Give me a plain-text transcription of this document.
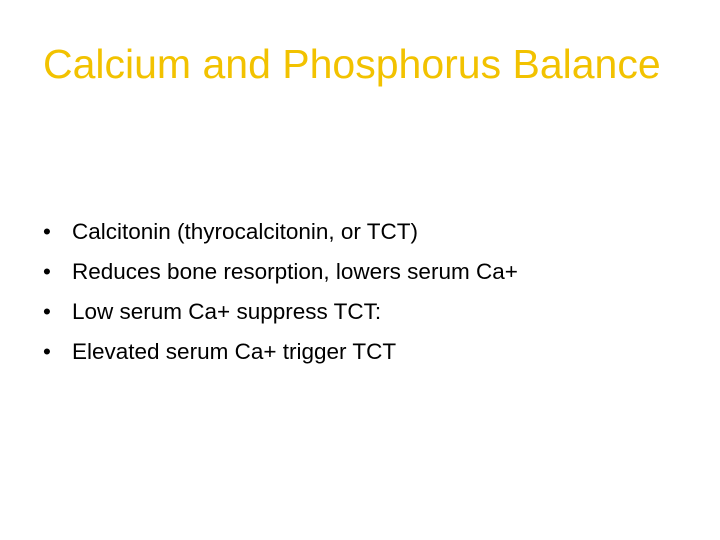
Calcium and Phosphorus Balance
• Calcitonin (thyrocalcitonin, or TCT)
• Reduces bone resorption, lowers serum Ca+
• Low serum Ca+ suppress TCT:
• Elevated serum Ca+ trigger TCT
